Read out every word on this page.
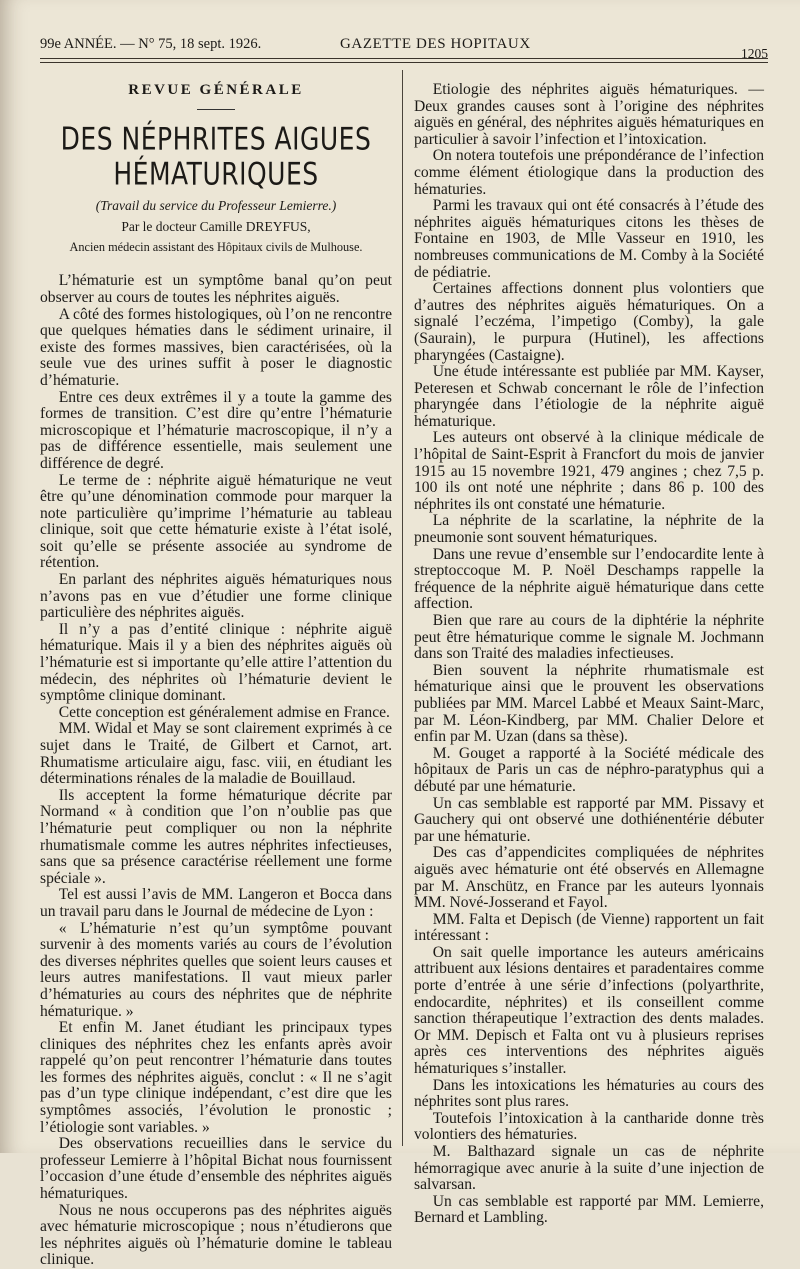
99e ANNÉE. — N° 75, 18 sept. 1926.	GAZETTE DES HOPITAUX
1205
REVUE GÉNÉRALE
DES NÉPHRITES AIGUES HÉMATURIQUES
(Travail du service du Professeur Lemierre.)
Par le docteur Camille DREYFUS,
Ancien médecin assistant des Hôpitaux civils de Mulhouse.

L’hématurie est un symptôme banal qu’on peut observer au cours de toutes les néphrites aiguës.

A côté des formes histologiques, où l’on ne rencontre que quelques hématies dans le sédiment urinaire, il existe des formes massives, bien caractérisées, où la seule vue des urines suffit à poser le diagnostic d’hématurie.

Entre ces deux extrêmes il y a toute la gamme des formes de transition. C’est dire qu’entre l’hématurie microscopique et l’hématurie macroscopique, il n’y a pas de différence essentielle, mais seulement une différence de degré.

Le terme de : néphrite aiguë hématurique ne veut être qu’une dénomination commode pour marquer la note particulière qu’imprime l’hématurie au tableau clinique, soit que cette hématurie existe à l’état isolé, soit qu’elle se présente associée au syndrome de rétention.

En parlant des néphrites aiguës hématuriques nous n’avons pas en vue d’étudier une forme clinique particulière des néphrites aiguës.

Il n’y a pas d’entité clinique : néphrite aiguë hématurique. Mais il y a bien des néphrites aiguës où l’hématurie est si importante qu’elle attire l’attention du médecin, des néphrites où l’hématurie devient le symptôme clinique dominant.

Cette conception est généralement admise en France.

MM. Widal et May se sont clairement exprimés à ce sujet dans le Traité, de Gilbert et Carnot, art. Rhumatisme articulaire aigu, fasc. viii, en étudiant les déterminations rénales de la maladie de Bouillaud.

Ils acceptent la forme hématurique décrite par Normand « à condition que l’on n’oublie pas que l’hématurie peut compliquer ou non la néphrite rhumatismale comme les autres néphrites infectieuses, sans que sa présence caractérise réellement une forme spéciale ».

Tel est aussi l’avis de MM. Langeron et Bocca dans un travail paru dans le Journal de médecine de Lyon :

« L’hématurie n’est qu’un symptôme pouvant survenir à des moments variés au cours de l’évolution des diverses néphrites quelles que soient leurs causes et leurs autres manifestations. Il vaut mieux parler d’hématuries au cours des néphrites que de néphrite hématurique. »

Et enfin M. Janet étudiant les principaux types cliniques des néphrites chez les enfants après avoir rappelé qu’on peut rencontrer l’hématurie dans toutes les formes des néphrites aiguës, conclut : « Il ne s’agit pas d’un type clinique indépendant, c’est dire que les symptômes associés, l’évolution le pronostic ; l’étiologie sont variables. »

Des observations recueillies dans le service du professeur Lemierre à l’hôpital Bichat nous fournissent l’occasion d’une étude d’ensemble des néphrites aiguës hématuriques.

Nous ne nous occuperons pas des néphrites aiguës avec hématurie microscopique ; nous n’étudierons que les néphrites aiguës où l’hématurie domine le tableau clinique.

Etiologie des néphrites aiguës hématuriques. — Deux grandes causes sont à l’origine des néphrites aiguës en général, des néphrites aiguës hématuriques en particulier à savoir l’infection et l’intoxication.

On notera toutefois une prépondérance de l’infection comme élément étiologique dans la production des hématuries.

Parmi les travaux qui ont été consacrés à l’étude des néphrites aiguës hématuriques citons les thèses de Fontaine en 1903, de Mlle Vasseur en 1910, les nombreuses communications de M. Comby à la Société de pédiatrie.

Certaines affections donnent plus volontiers que d’autres des néphrites aiguës hématuriques. On a signalé l’eczéma, l’impetigo (Comby), la gale (Saurain), le purpura (Hutinel), les affections pharyngées (Castaigne).

Une étude intéressante est publiée par MM. Kayser, Peteresen et Schwab concernant le rôle de l’infection pharyngée dans l’étiologie de la néphrite aiguë hématurique.

Les auteurs ont observé à la clinique médicale de l’hôpital de Saint-Esprit à Francfort du mois de janvier 1915 au 15 novembre 1921, 479 angines ; chez 7,5 p. 100 ils ont noté une néphrite ; dans 86 p. 100 des néphrites ils ont constaté une hématurie.

La néphrite de la scarlatine, la néphrite de la pneumonie sont souvent hématuriques.

Dans une revue d’ensemble sur l’endocardite lente à streptoccoque M. P. Noël Deschamps rappelle la fréquence de la néphrite aiguë hématurique dans cette affection.

Bien que rare au cours de la diphtérie la néphrite peut être hématurique comme le signale M. Jochmann dans son Traité des maladies infectieuses.

Bien souvent la néphrite rhumatismale est hématurique ainsi que le prouvent les observations publiées par MM. Marcel Labbé et Meaux Saint-Marc, par M. Léon-Kindberg, par MM. Chalier Delore et enfin par M. Uzan (dans sa thèse).

M. Gouget a rapporté à la Société médicale des hôpitaux de Paris un cas de néphro-paratyphus qui a débuté par une hématurie.

Un cas semblable est rapporté par MM. Pissavy et Gauchery qui ont observé une dothiénentérie débuter par une hématurie.

Des cas d’appendicites compliquées de néphrites aiguës avec hématurie ont été observés en Allemagne par M. Anschütz, en France par les auteurs lyonnais MM. Nové-Josserand et Fayol.

MM. Falta et Depisch (de Vienne) rapportent un fait intéressant :

On sait quelle importance les auteurs américains attribuent aux lésions dentaires et paradentaires comme porte d’entrée à une série d’infections (polyarthrite, endocardite, néphrites) et ils conseillent comme sanction thérapeutique l’extraction des dents malades. Or MM. Depisch et Falta ont vu à plusieurs reprises après ces interventions des néphrites aiguës hématuriques s’installer.

Dans les intoxications les hématuries au cours des néphrites sont plus rares.

Toutefois l’intoxication à la cantharide donne très volontiers des hématuries.

M. Balthazard signale un cas de néphrite hémorragique avec anurie à la suite d’une injection de salvarsan.

Un cas semblable est rapporté par MM. Lemierre, Bernard et Lambling.
